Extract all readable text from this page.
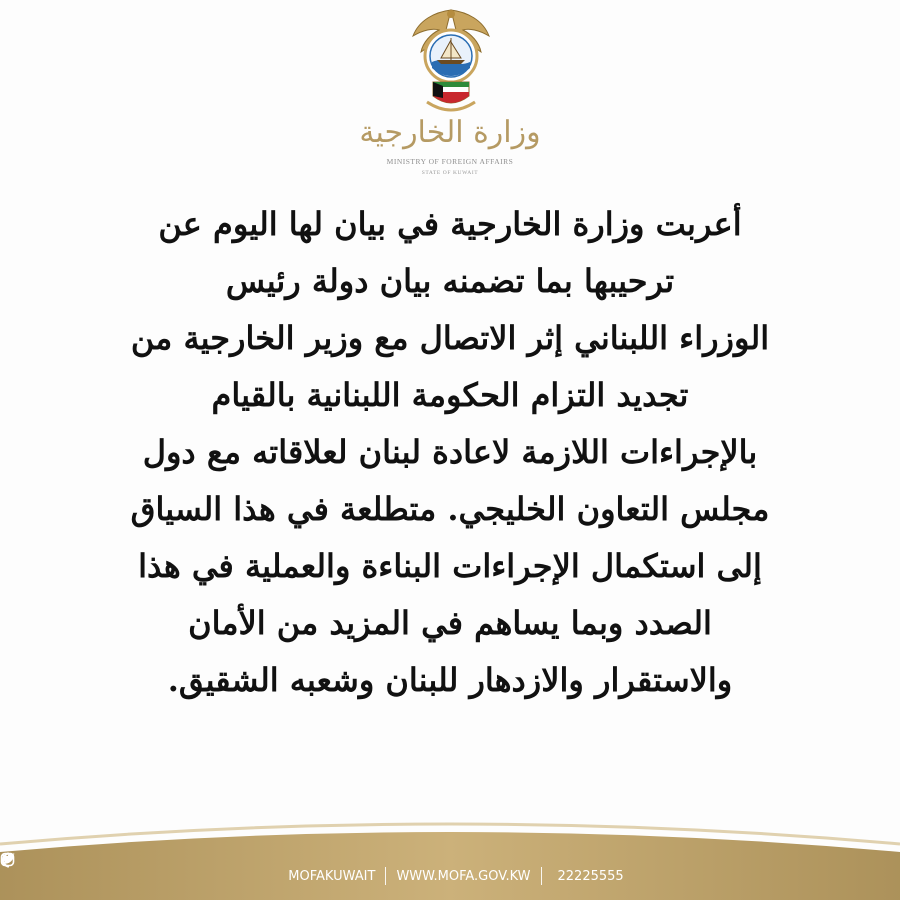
وزارة الخارجية
MINISTRY OF FOREIGN AFFAIRS
STATE OF KUWAIT
أعربت وزارة الخارجية في بيان لها اليوم عن
ترحيبها بما تضمنه بيان دولة رئيس
الوزراء اللبناني إثر الاتصال مع وزير الخارجية من
تجديد التزام الحكومة اللبنانية بالقيام
بالإجراءات اللازمة لاعادة لبنان لعلاقاته مع دول
مجلس التعاون الخليجي. متطلعة في هذا السياق
إلى استكمال الإجراءات البناءة والعملية في هذا
الصدد وبما يساهم في المزيد من الأمان
والاستقرار والازدهار للبنان وشعبه الشقيق.
MOFAKUWAIT WWW.MOFA.GOV.KW 22225555
